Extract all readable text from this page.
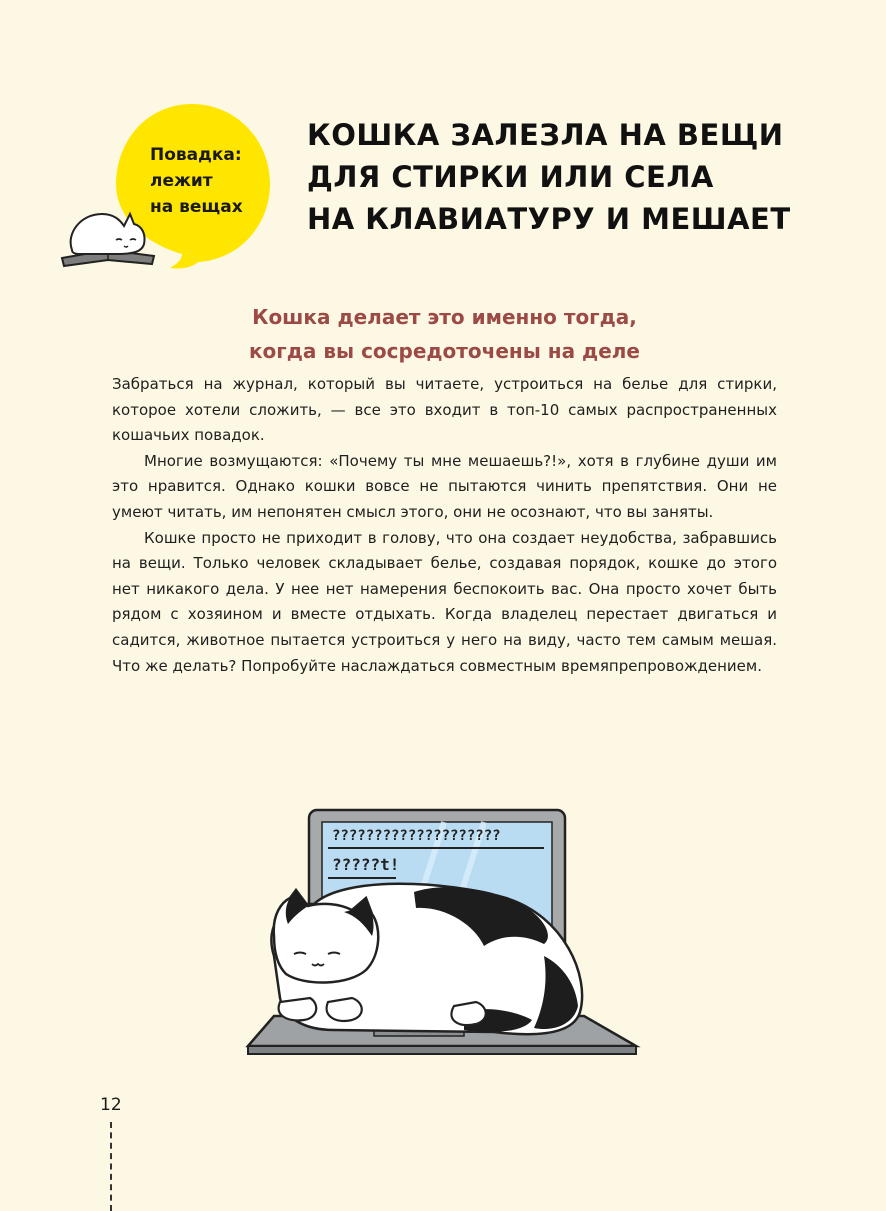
Повадка:
лежит
на вещах
КОШКА ЗАЛЕЗЛА НА ВЕЩИ
ДЛЯ СТИРКИ ИЛИ СЕЛА
НА КЛАВИАТУРУ И МЕШАЕТ
Кошка делает это именно тогда,
когда вы сосредоточены на деле

Забраться на журнал, который вы читаете, устроиться на белье для стирки, которое хотели сложить, — все это входит в топ-10 самых распространенных кошачьих повадок.

Многие возмущаются: «Почему ты мне мешаешь?!», хотя в глубине души им это нравится. Однако кошки вовсе не пытаются чинить препятствия. Они не умеют читать, им непонятен смысл этого, они не осознают, что вы заняты.

Кошке просто не приходит в голову, что она создает неудобства, забравшись на вещи. Только человек складывает белье, создавая порядок, кошке до этого нет никакого дела. У нее нет намерения беспокоить вас. Она просто хочет быть рядом с хозяином и вместе отдыхать. Когда владелец перестает двигаться и садится, животное пытается устроиться у него на виду, часто тем самым мешая. Что же делать? Попробуйте наслаждаться совместным времяпрепровождением.

????????????????????
?????t!
12
